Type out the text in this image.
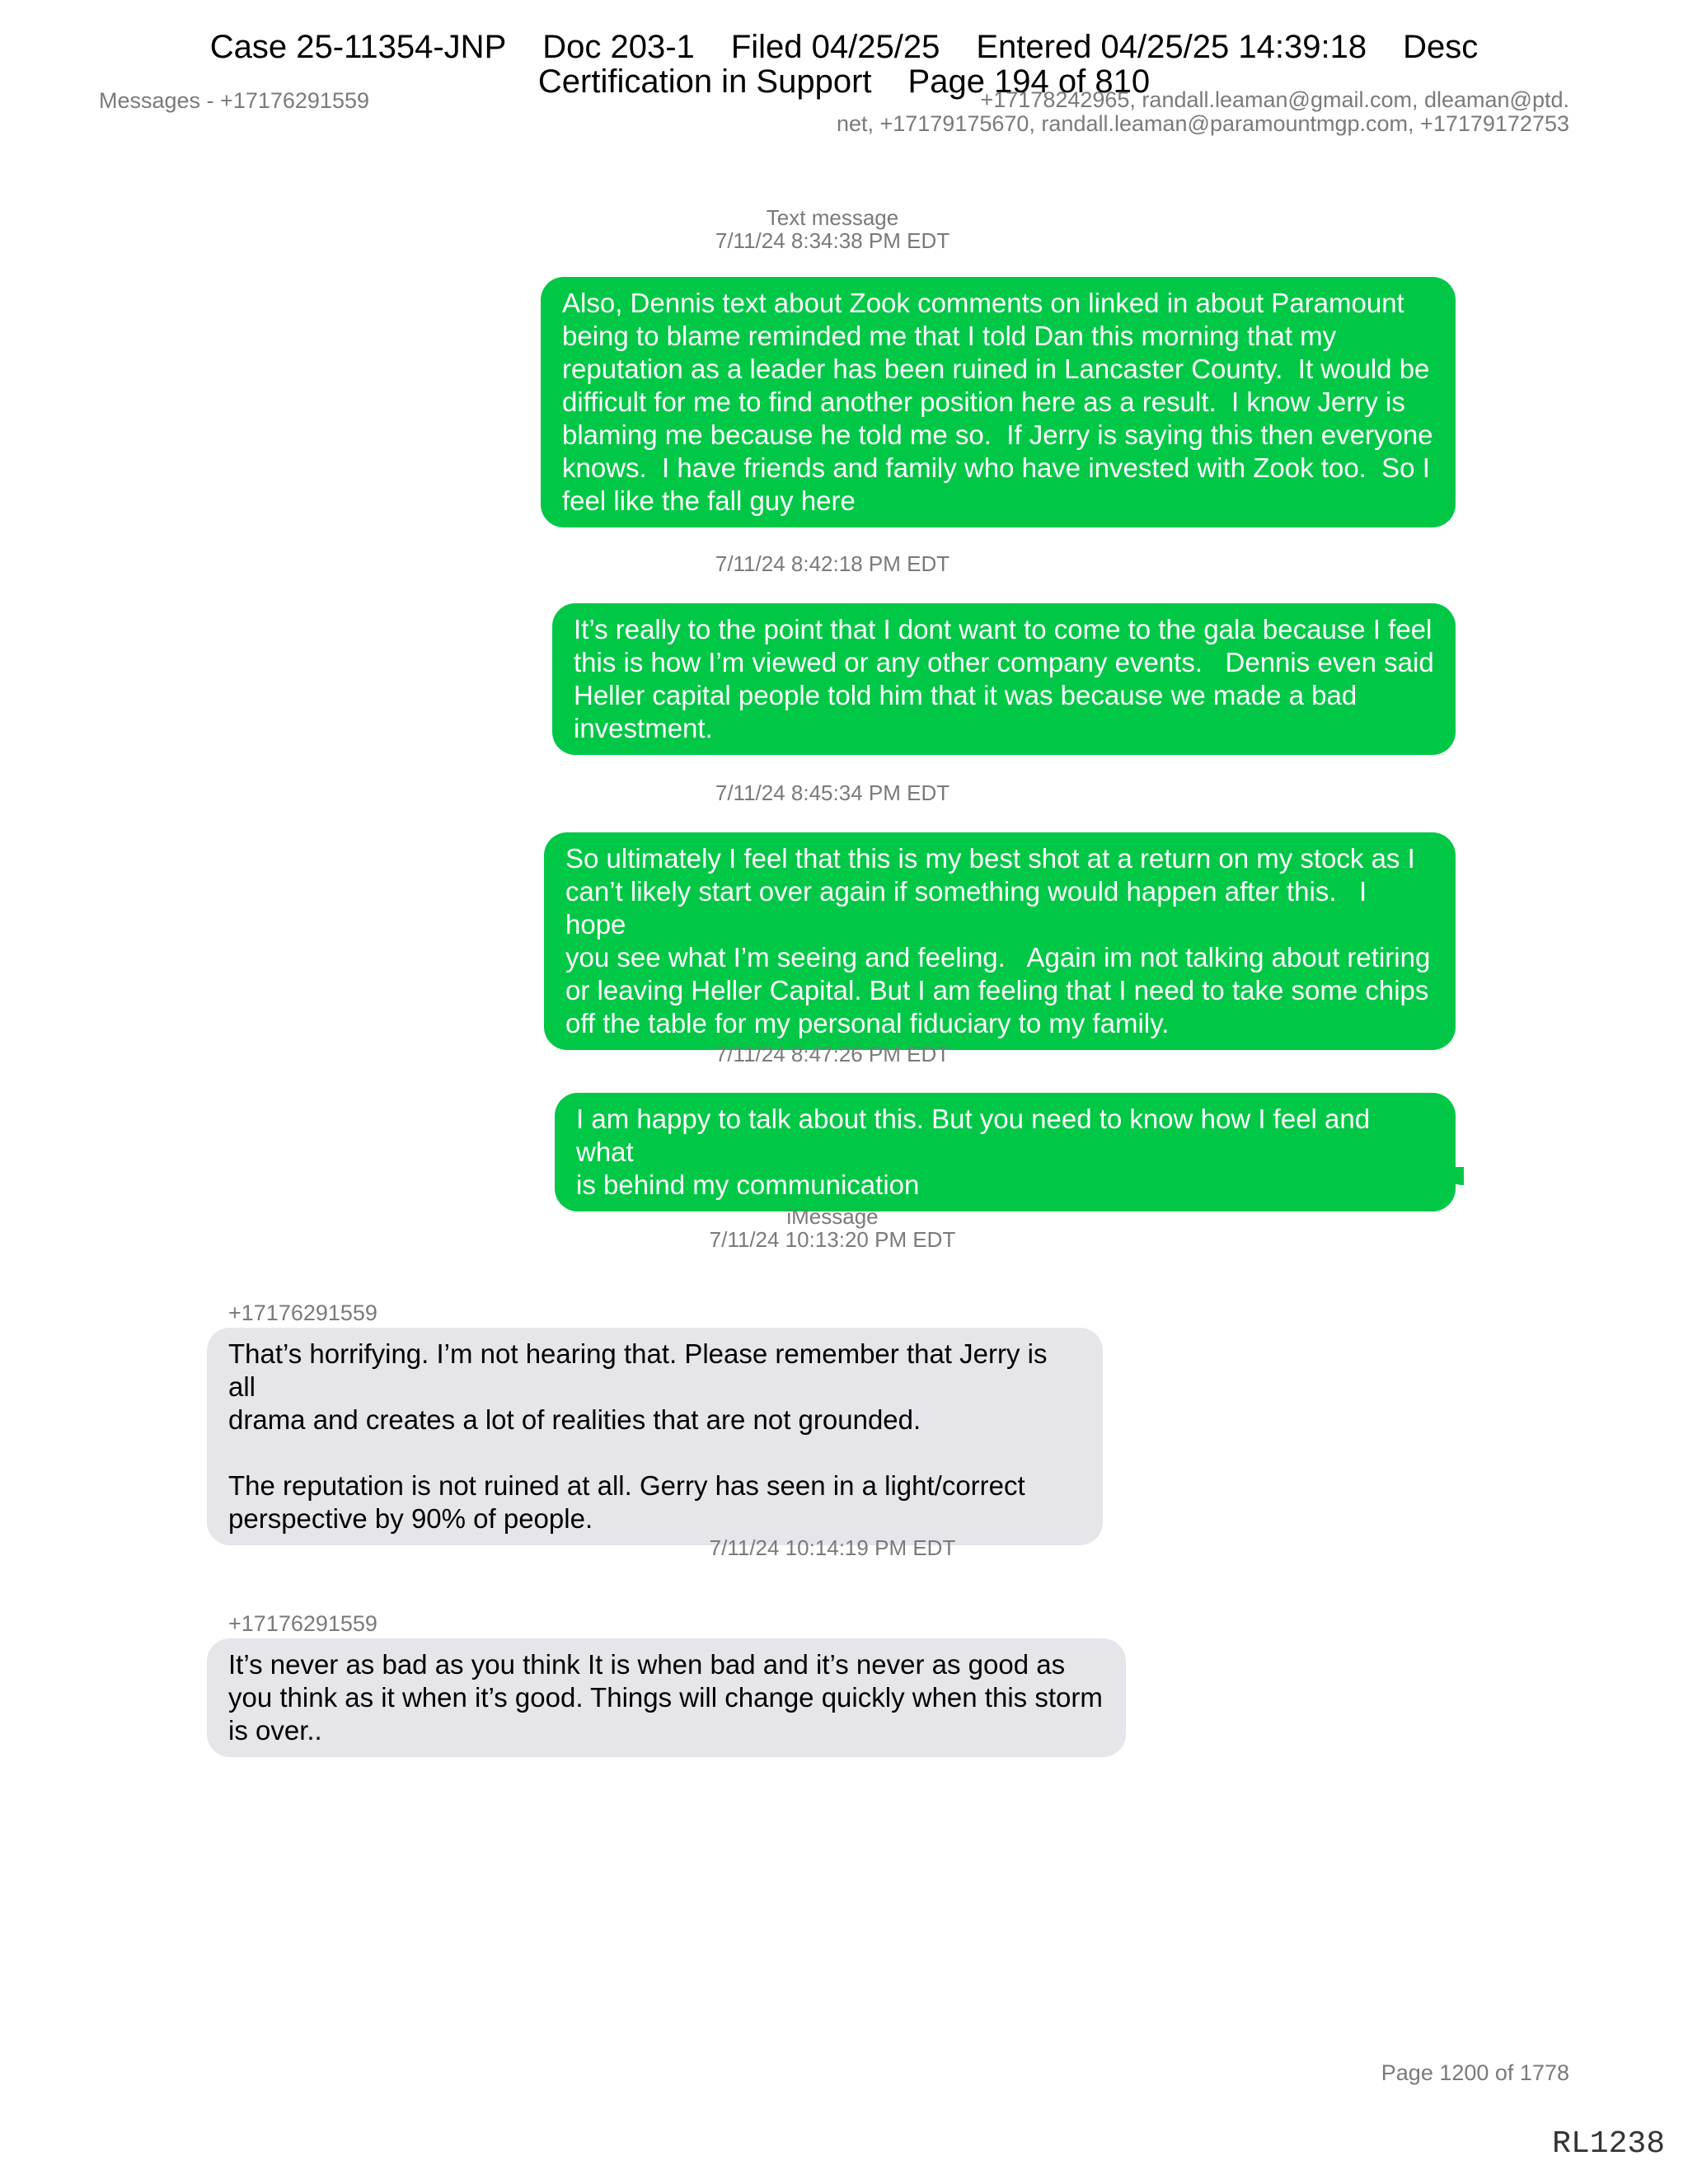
Case 25-11354-JNP Doc 203-1 Filed 04/25/25 Entered 04/25/25 14:39:18 Desc
Certification in Support Page 194 of 810
Messages - +17176291559	+17178242965, randall.leaman@gmail.com, dleaman@ptd.
net, +17179175670, randall.leaman@paramountmgp.com, +17179172753
Text message
7/11/24 8:34:38 PM EDT
Also, Dennis text about Zook comments on linked in about Paramount
being to blame reminded me that I told Dan this morning that my
reputation as a leader has been ruined in Lancaster County.  It would be
difficult for me to find another position here as a result.  I know Jerry is
blaming me because he told me so.  If Jerry is saying this then everyone
knows.  I have friends and family who have invested with Zook too.  So I
feel like the fall guy here
7/11/24 8:42:18 PM EDT
It’s really to the point that I dont want to come to the gala because I feel
this is how I’m viewed or any other company events.   Dennis even said
Heller capital people told him that it was because we made a bad
investment.
7/11/24 8:45:34 PM EDT
So ultimately I feel that this is my best shot at a return on my stock as I
can’t likely start over again if something would happen after this.   I hope
you see what I’m seeing and feeling.   Again im not talking about retiring
or leaving Heller Capital. But I am feeling that I need to take some chips
off the table for my personal fiduciary to my family.
7/11/24 8:47:26 PM EDT
I am happy to talk about this. But you need to know how I feel and what
is behind my communication
iMessage
7/11/24 10:13:20 PM EDT
+17176291559
That’s horrifying. I’m not hearing that. Please remember that Jerry is all
drama and creates a lot of realities that are not grounded.

The reputation is not ruined at all. Gerry has seen in a light/correct
perspective by 90% of people.
7/11/24 10:14:19 PM EDT
+17176291559
It’s never as bad as you think It is when bad and it’s never as good as
you think as it when it’s good. Things will change quickly when this storm
is over..
Page 1200 of 1778
RL1238
